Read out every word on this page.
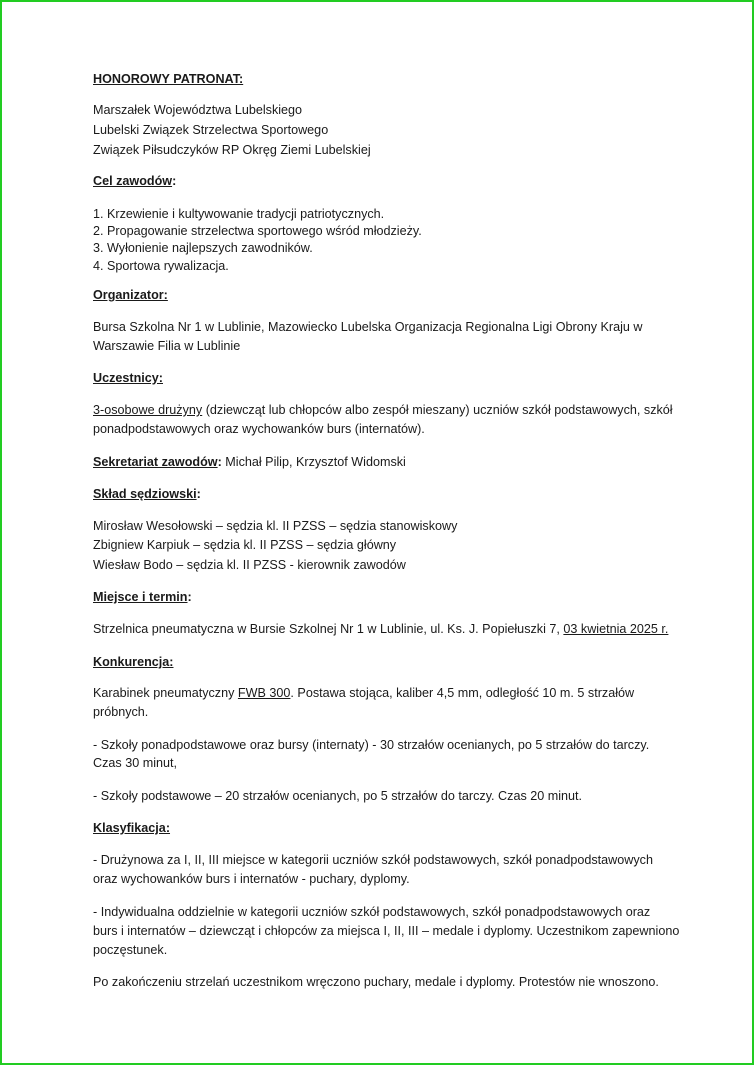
HONOROWY PATRONAT:

Marszałek Województwa Lubelskiego

Lubelski Związek Strzelectwa Sportowego

Związek Piłsudczyków RP Okręg Ziemi Lubelskiej

Cel zawodów:

1. Krzewienie i kultywowanie tradycji patriotycznych.

2. Propagowanie strzelectwa sportowego wśród młodzieży.

3. Wyłonienie najlepszych zawodników.

4. Sportowa rywalizacja.

Organizator:

Bursa Szkolna Nr 1 w Lublinie, Mazowiecko Lubelska Organizacja Regionalna Ligi Obrony Kraju w

Warszawie Filia w Lublinie

Uczestnicy:

3-osobowe drużyny (dziewcząt lub chłopców albo zespół mieszany) uczniów szkół podstawowych, szkół

ponadpodstawowych oraz wychowanków burs (internatów).

Sekretariat zawodów: Michał Pilip, Krzysztof Widomski

Skład sędziowski:

Mirosław Wesołowski – sędzia kl. II PZSS – sędzia stanowiskowy

Zbigniew Karpiuk – sędzia kl. II PZSS – sędzia główny

Wiesław Bodo – sędzia kl. II PZSS - kierownik zawodów

Miejsce i termin:

Strzelnica pneumatyczna w Bursie Szkolnej Nr 1 w Lublinie, ul. Ks. J. Popiełuszki 7, 03 kwietnia 2025 r.

Konkurencja:

Karabinek pneumatyczny FWB 300. Postawa stojąca, kaliber 4,5 mm, odległość 10 m. 5 strzałów

próbnych.

- Szkoły ponadpodstawowe oraz bursy (internaty) - 30 strzałów ocenianych, po 5 strzałów do tarczy.

Czas 30 minut,

- Szkoły podstawowe – 20 strzałów ocenianych, po 5 strzałów do tarczy. Czas 20 minut.

Klasyfikacja:

- Drużynowa za I, II, III miejsce w kategorii uczniów szkół podstawowych, szkół ponadpodstawowych

oraz wychowanków burs i internatów - puchary, dyplomy.

- Indywidualna oddzielnie w kategorii uczniów szkół podstawowych, szkół ponadpodstawowych oraz

burs i internatów – dziewcząt i chłopców za miejsca I, II, III – medale i dyplomy. Uczestnikom zapewniono

poczęstunek.

Po zakończeniu strzelań uczestnikom wręczono puchary, medale i dyplomy. Protestów nie wnoszono.
